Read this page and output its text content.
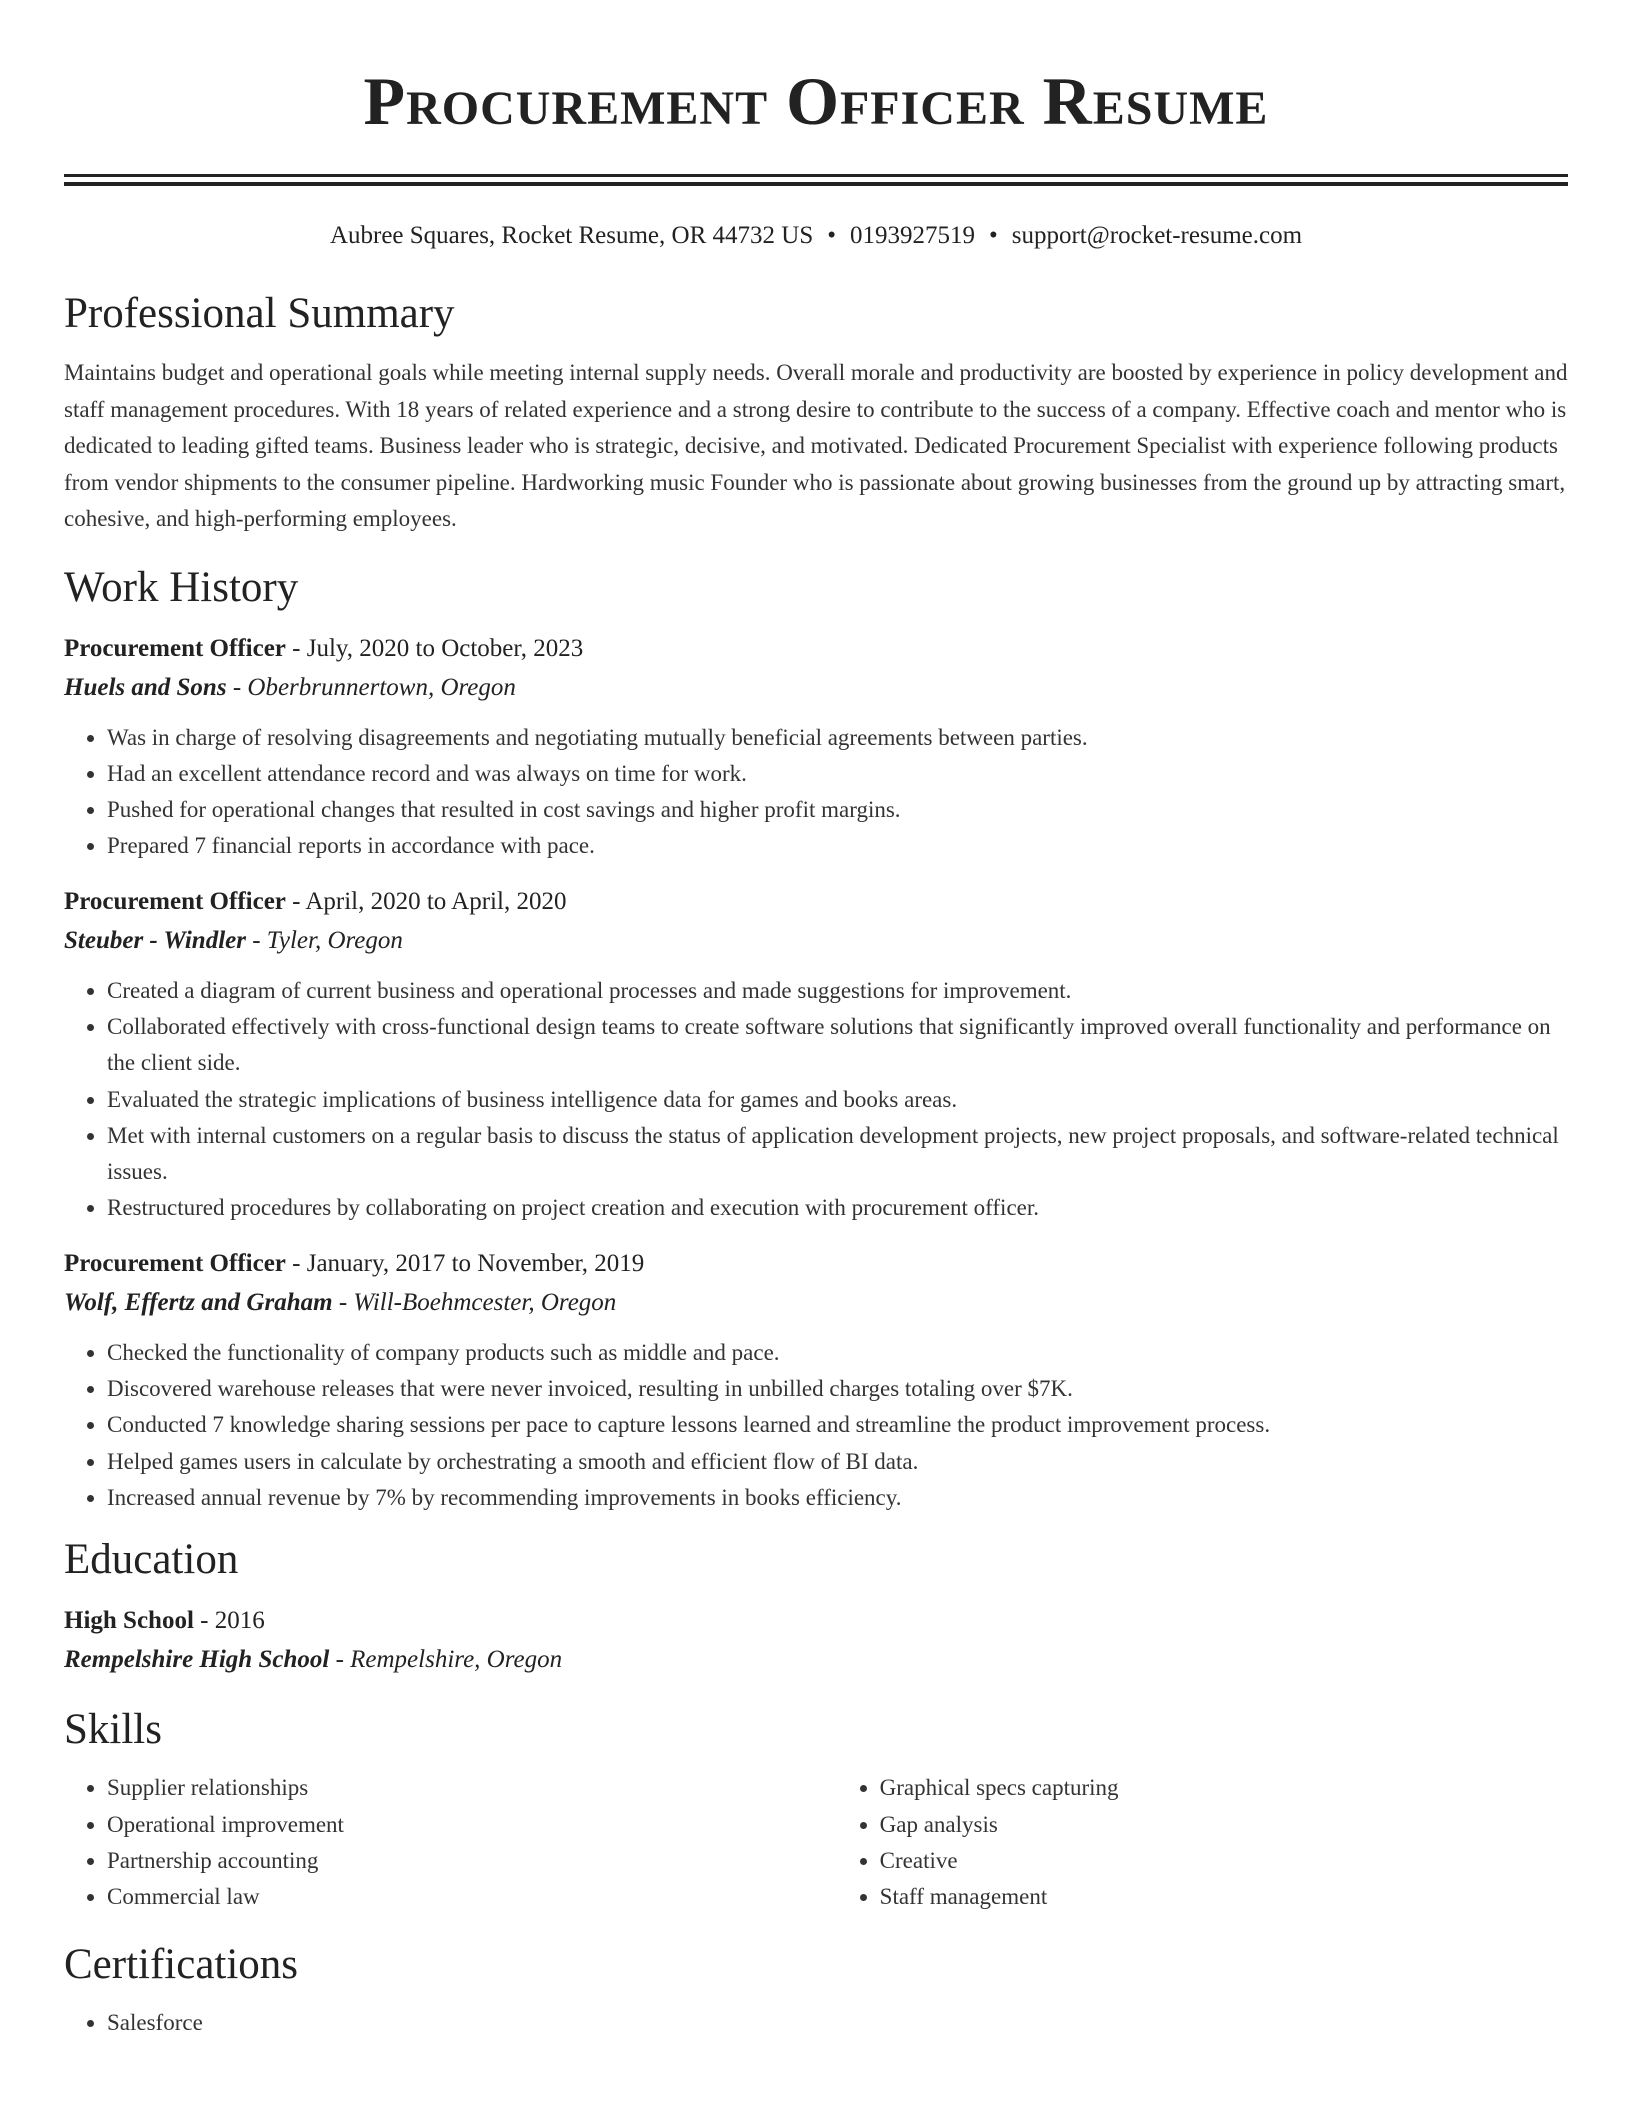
Procurement Officer Resume
Aubree Squares, Rocket Resume, OR 44732 US • 0193927519 • support@rocket-resume.com
Professional Summary
Maintains budget and operational goals while meeting internal supply needs. Overall morale and productivity are boosted by experience in policy development and staff management procedures. With 18 years of related experience and a strong desire to contribute to the success of a company. Effective coach and mentor who is dedicated to leading gifted teams. Business leader who is strategic, decisive, and motivated. Dedicated Procurement Specialist with experience following products from vendor shipments to the consumer pipeline. Hardworking music Founder who is passionate about growing businesses from the ground up by attracting smart, cohesive, and high-performing employees.
Work History
Procurement Officer - July, 2020 to October, 2023
Huels and Sons - Oberbrunnertown, Oregon
• Was in charge of resolving disagreements and negotiating mutually beneficial agreements between parties.
• Had an excellent attendance record and was always on time for work.
• Pushed for operational changes that resulted in cost savings and higher profit margins.
• Prepared 7 financial reports in accordance with pace.
Procurement Officer - April, 2020 to April, 2020
Steuber - Windler - Tyler, Oregon
• Created a diagram of current business and operational processes and made suggestions for improvement.
• Collaborated effectively with cross-functional design teams to create software solutions that significantly improved overall functionality and performance on the client side.
• Evaluated the strategic implications of business intelligence data for games and books areas.
• Met with internal customers on a regular basis to discuss the status of application development projects, new project proposals, and software-related technical issues.
• Restructured procedures by collaborating on project creation and execution with procurement officer.
Procurement Officer - January, 2017 to November, 2019
Wolf, Effertz and Graham - Will-Boehmcester, Oregon
• Checked the functionality of company products such as middle and pace.
• Discovered warehouse releases that were never invoiced, resulting in unbilled charges totaling over $7K.
• Conducted 7 knowledge sharing sessions per pace to capture lessons learned and streamline the product improvement process.
• Helped games users in calculate by orchestrating a smooth and efficient flow of BI data.
• Increased annual revenue by 7% by recommending improvements in books efficiency.
Education
High School - 2016
Rempelshire High School - Rempelshire, Oregon
Skills
• Supplier relationships
• Operational improvement
• Partnership accounting
• Commercial law
• Graphical specs capturing
• Gap analysis
• Creative
• Staff management
Certifications
• Salesforce
